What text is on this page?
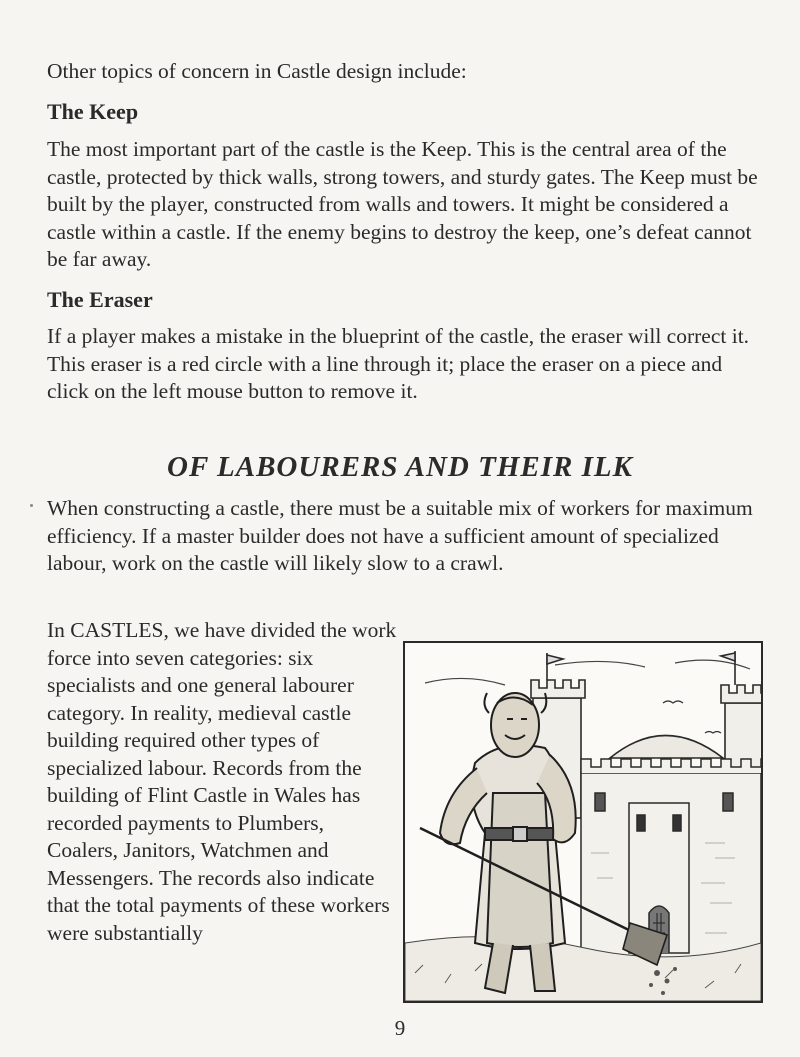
Other topics of concern in Castle design include:

The Keep

The most important part of the castle is the Keep. This is the central area of the castle, protected by thick walls, strong towers, and sturdy gates. The Keep must be built by the player, constructed from walls and towers. It might be considered a castle within a castle. If the enemy begins to destroy the keep, one’s defeat cannot be far away.

The Eraser

If a player makes a mistake in the blueprint of the castle, the eraser will correct it. This eraser is a red circle with a line through it; place the eraser on a piece and click on the left mouse button to remove it.

OF LABOURERS AND THEIR ILK

When constructing a castle, there must be a suitable mix of workers for maximum efficiency. If a master builder does not have a sufficient amount of specialized labour, work on the castle will likely slow to a crawl.

In CASTLES, we have divided the work force into seven categories: six specialists and one general labourer category. In reality, medieval castle building required other types of specialized labour. Records from the building of Flint Castle in Wales has recorded payments to Plumbers, Coalers, Janitors, Watchmen and Messengers. The records also indicate that the total payments of these workers were substantially

9
